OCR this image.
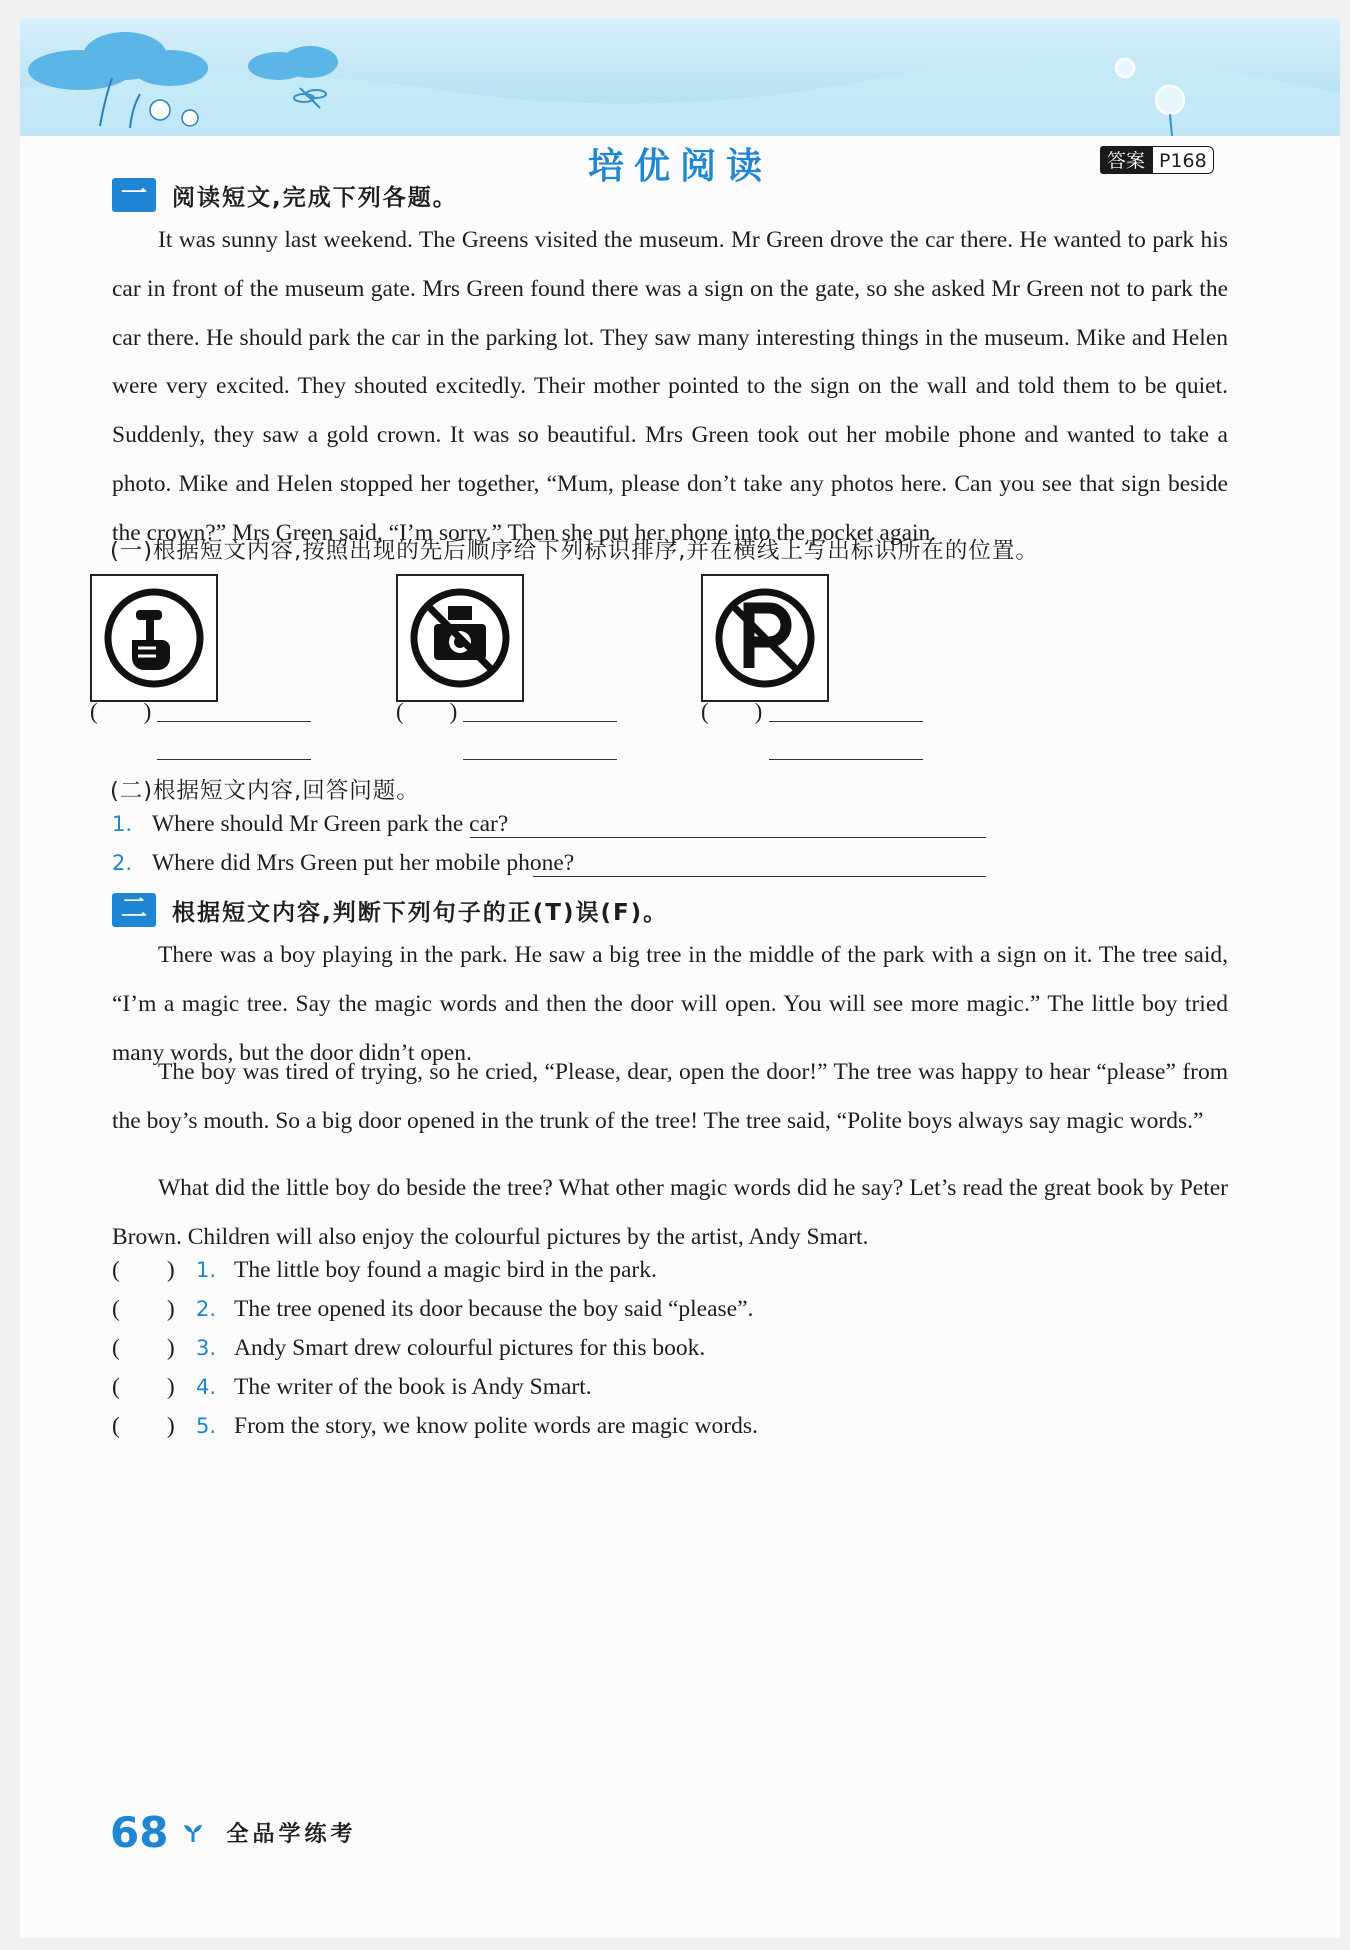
培优阅读	答案 P168
一	阅读短文,完成下列各题。

It was sunny last weekend. The Greens visited the museum. Mr Green drove the car there. He wanted to park his car in front of the museum gate. Mrs Green found there was a sign on the gate, so she asked Mr Green not to park the car there. He should park the car in the parking lot. They saw many interesting things in the museum. Mike and Helen were very excited. They shouted excitedly. Their mother pointed to the sign on the wall and told them to be quiet. Suddenly, they saw a gold crown. It was so beautiful. Mrs Green took out her mobile phone and wanted to take a photo. Mike and Helen stopped her together, “Mum, please don’t take any photos here. Can you see that sign beside the crown?” Mrs Green said, “I’m sorry.” Then she put her phone into the pocket again.

(一)根据短文内容,按照出现的先后顺序给下列标识排序,并在横线上写出标识所在的位置。
(　　)	(　　)	(　　)
(二)根据短文内容,回答问题。
1. Where should Mr Green park the car?
2. Where did Mrs Green put her mobile phone?
二	根据短文内容,判断下列句子的正(T)误(F)。

There was a boy playing in the park. He saw a big tree in the middle of the park with a sign on it. The tree said, “I’m a magic tree. Say the magic words and then the door will open. You will see more magic.” The little boy tried many words, but the door didn’t open.

The boy was tired of trying, so he cried, “Please, dear, open the door!” The tree was happy to hear “please” from the boy’s mouth. So a big door opened in the trunk of the tree! The tree said, “Polite boys always say magic words.”

What did the little boy do beside the tree? What other magic words did he say? Let’s read the great book by Peter Brown. Children will also enjoy the colourful pictures by the artist, Andy Smart.

(　　) 1. The little boy found a magic bird in the park.
(　　) 2. The tree opened its door because the boy said “please”.
(　　) 3. Andy Smart drew colourful pictures for this book.
(　　) 4. The writer of the book is Andy Smart.
(　　) 5. From the story, we know polite words are magic words.
68	全品学练考
